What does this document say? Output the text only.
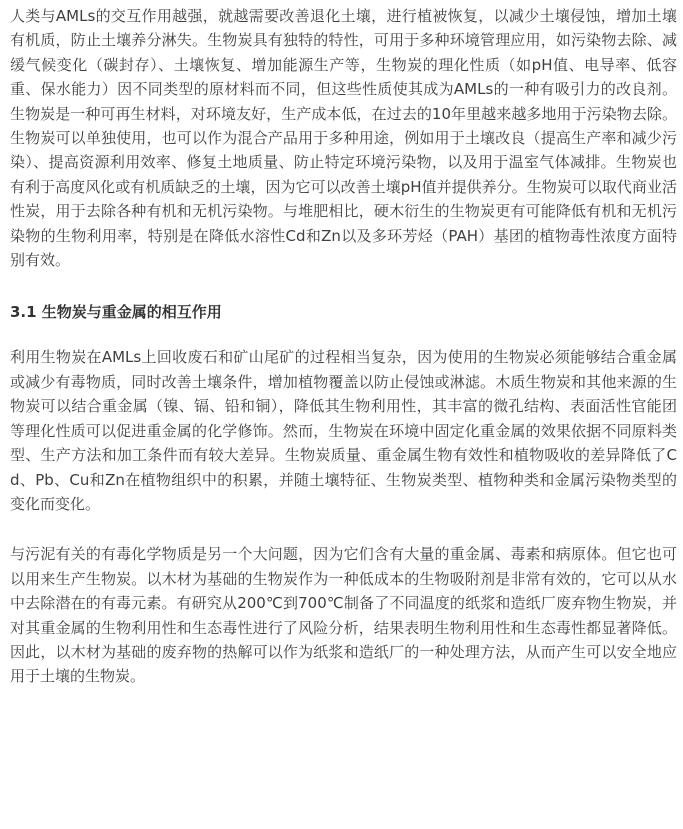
人类与AMLs的交互作用越强，就越需要改善退化土壤，进行植被恢复，以减少土壤侵蚀，增加土壤有机质，防止土壤养分淋失。生物炭具有独特的特性，可用于多种环境管理应用，如污染物去除、减缓气候变化（碳封存）、土壤恢复、增加能源生产等，生物炭的理化性质（如pH值、电导率、低容重、保水能力）因不同类型的原材料而不同，但这些性质使其成为AMLs的一种有吸引力的改良剂。生物炭是一种可再生材料，对环境友好，生产成本低，在过去的10年里越来越多地用于污染物去除。生物炭可以单独使用，也可以作为混合产品用于多种用途，例如用于土壤改良（提高生产率和减少污染）、提高资源利用效率、修复土地质量、防止特定环境污染物，以及用于温室气体减排。生物炭也有利于高度风化或有机质缺乏的土壤，因为它可以改善土壤pH值并提供养分。生物炭可以取代商业活性炭，用于去除各种有机和无机污染物。与堆肥相比，硬木衍生的生物炭更有可能降低有机和无机污染物的生物利用率，特别是在降低水溶性Cd和Zn以及多环芳烃（PAH）基团的植物毒性浓度方面特别有效。

3.1 生物炭与重金属的相互作用

利用生物炭在AMLs上回收废石和矿山尾矿的过程相当复杂，因为使用的生物炭必须能够结合重金属或减少有毒物质，同时改善土壤条件，增加植物覆盖以防止侵蚀或淋滤。木质生物炭和其他来源的生物炭可以结合重金属（镍、镉、铅和铜），降低其生物利用性，其丰富的微孔结构、表面活性官能团等理化性质可以促进重金属的化学修饰。然而，生物炭在环境中固定化重金属的效果依据不同原料类型、生产方法和加工条件而有较大差异。生物炭质量、重金属生物有效性和植物吸收的差异降低了Cd、Pb、Cu和Zn在植物组织中的积累，并随土壤特征、生物炭类型、植物种类和金属污染物类型的变化而变化。

与污泥有关的有毒化学物质是另一个大问题，因为它们含有大量的重金属、毒素和病原体。但它也可以用来生产生物炭。以木材为基础的生物炭作为一种低成本的生物吸附剂是非常有效的，它可以从水中去除潜在的有毒元素。有研究从200℃到700℃制备了不同温度的纸浆和造纸厂废弃物生物炭，并对其重金属的生物利用性和生态毒性进行了风险分析，结果表明生物利用性和生态毒性都显著降低。因此，以木材为基础的废弃物的热解可以作为纸浆和造纸厂的一种处理方法，从而产生可以安全地应用于土壤的生物炭。
